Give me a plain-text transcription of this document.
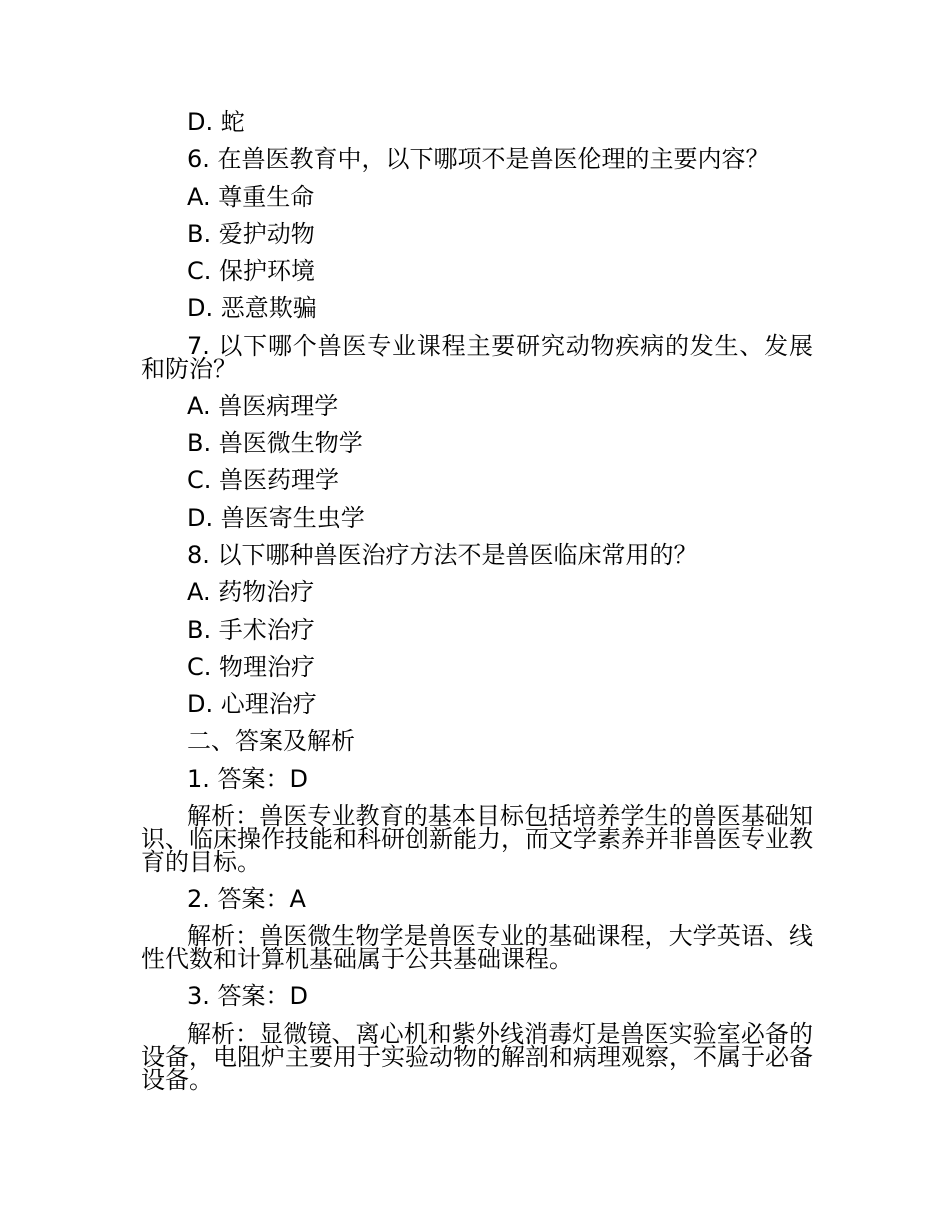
D. 蛇
6. 在兽医教育中，以下哪项不是兽医伦理的主要内容？
A. 尊重生命
B. 爱护动物
C. 保护环境
D. 恶意欺骗
7. 以下哪个兽医专业课程主要研究动物疾病的发生、发展和防治？
A. 兽医病理学
B. 兽医微生物学
C. 兽医药理学
D. 兽医寄生虫学
8. 以下哪种兽医治疗方法不是兽医临床常用的？
A. 药物治疗
B. 手术治疗
C. 物理治疗
D. 心理治疗
二、答案及解析
1. 答案：D
解析：兽医专业教育的基本目标包括培养学生的兽医基础知识、临床操作技能和科研创新能力，而文学素养并非兽医专业教育的目标。
2. 答案：A
解析：兽医微生物学是兽医专业的基础课程，大学英语、线性代数和计算机基础属于公共基础课程。
3. 答案：D
解析：显微镜、离心机和紫外线消毒灯是兽医实验室必备的设备，电阻炉主要用于实验动物的解剖和病理观察，不属于必备设备。
